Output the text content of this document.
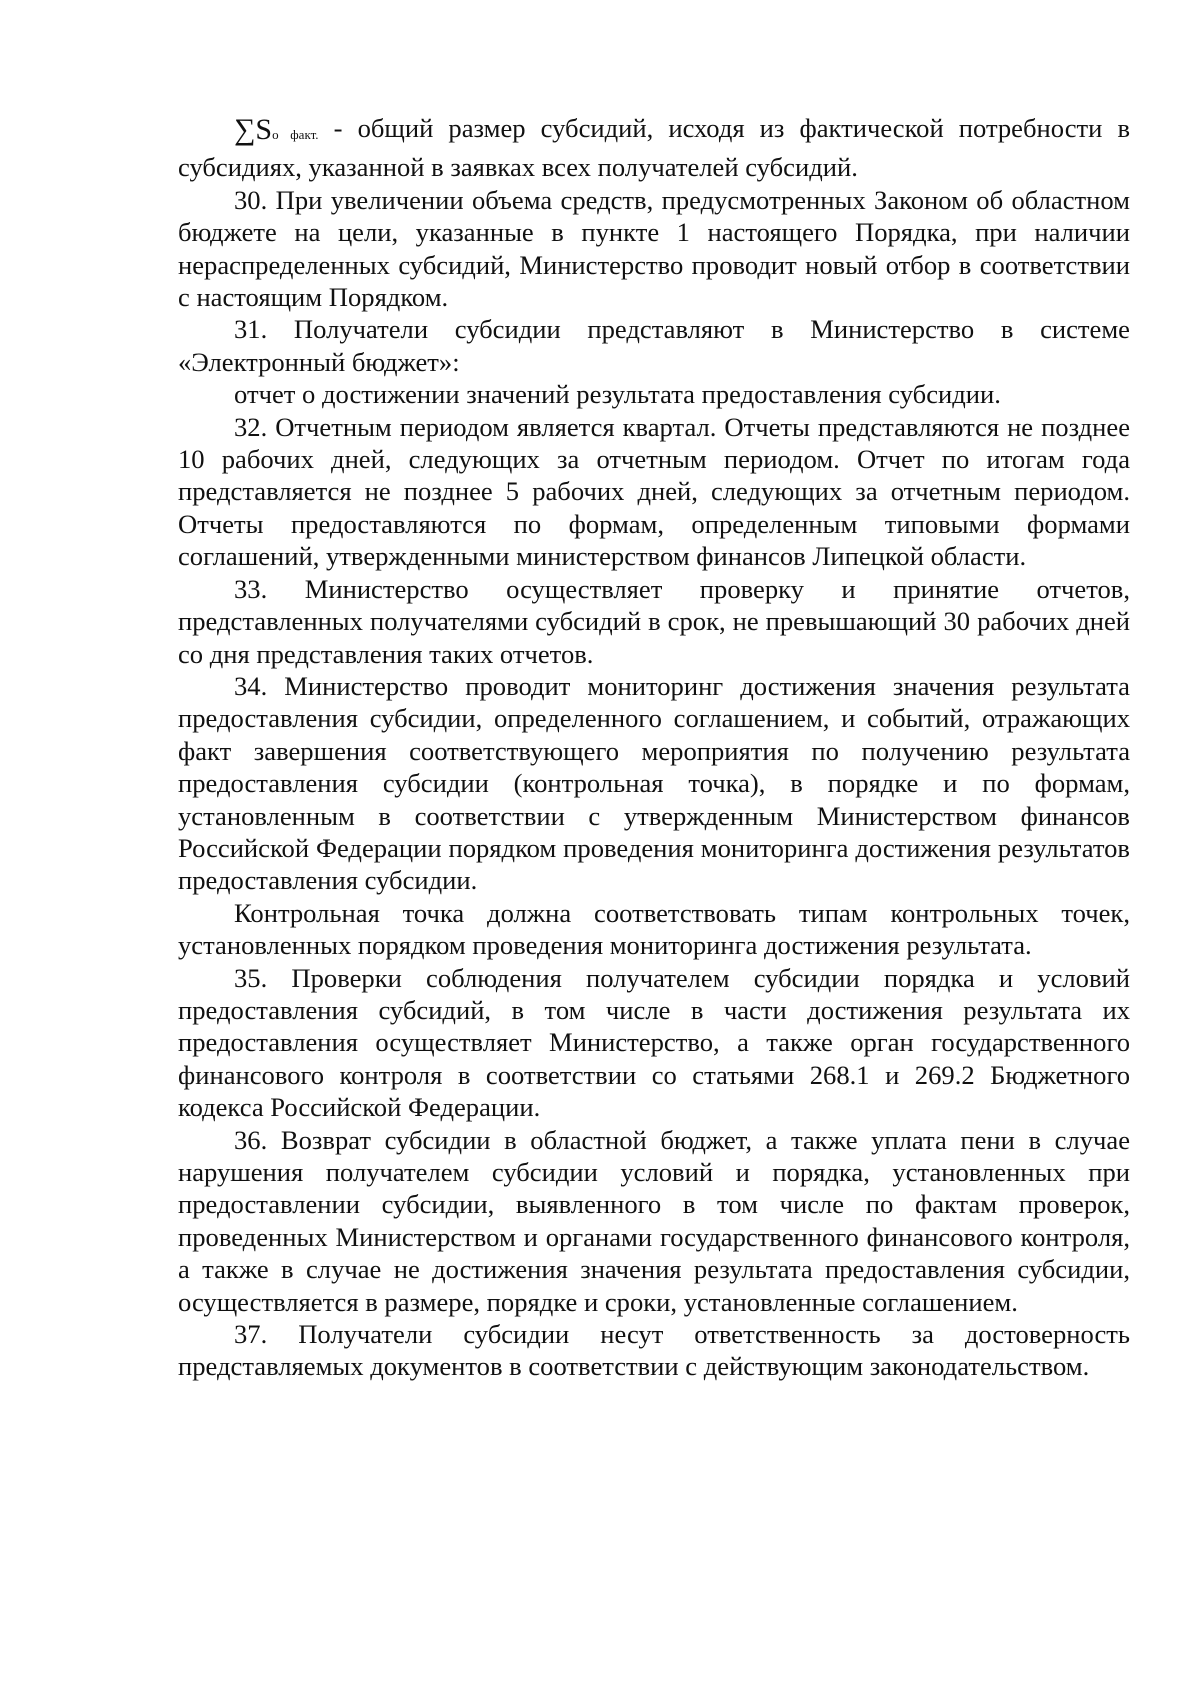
∑Sо факт. - общий размер субсидий, исходя из фактической потребности в субсидиях, указанной в заявках всех получателей субсидий.

30. При увеличении объема средств, предусмотренных Законом об областном бюджете на цели, указанные в пункте 1 настоящего Порядка, при наличии нераспределенных субсидий, Министерство проводит новый отбор в соответствии с настоящим Порядком.

31. Получатели субсидии представляют в Министерство в системе «Электронный бюджет»:

отчет о достижении значений результата предоставления субсидии.

32. Отчетным периодом является квартал. Отчеты представляются не позднее 10 рабочих дней, следующих за отчетным периодом. Отчет по итогам года представляется не позднее 5 рабочих дней, следующих за отчетным периодом. Отчеты предоставляются по формам, определенным типовыми формами соглашений, утвержденными министерством финансов Липецкой области.

33. Министерство осуществляет проверку и принятие отчетов, представленных получателями субсидий в срок, не превышающий 30 рабочих дней со дня представления таких отчетов.

34. Министерство проводит мониторинг достижения значения результата предоставления субсидии, определенного соглашением, и событий, отражающих факт завершения соответствующего мероприятия по получению результата предоставления субсидии (контрольная точка), в порядке и по формам, установленным в соответствии с утвержденным Министерством финансов Российской Федерации порядком проведения мониторинга достижения результатов предоставления субсидии.

Контрольная точка должна соответствовать типам контрольных точек, установленных порядком проведения мониторинга достижения результата.

35. Проверки соблюдения получателем субсидии порядка и условий предоставления субсидий, в том числе в части достижения результата их предоставления осуществляет Министерство, а также орган государственного финансового контроля в соответствии со статьями 268.1 и 269.2 Бюджетного кодекса Российской Федерации.

36. Возврат субсидии в областной бюджет, а также уплата пени в случае нарушения получателем субсидии условий и порядка, установленных при предоставлении субсидии, выявленного в том числе по фактам проверок, проведенных Министерством и органами государственного финансового контроля, а также в случае не достижения значения результата предоставления субсидии, осуществляется в размере, порядке и сроки, установленные соглашением.

37. Получатели субсидии несут ответственность за достоверность представляемых документов в соответствии с действующим законодательством.
